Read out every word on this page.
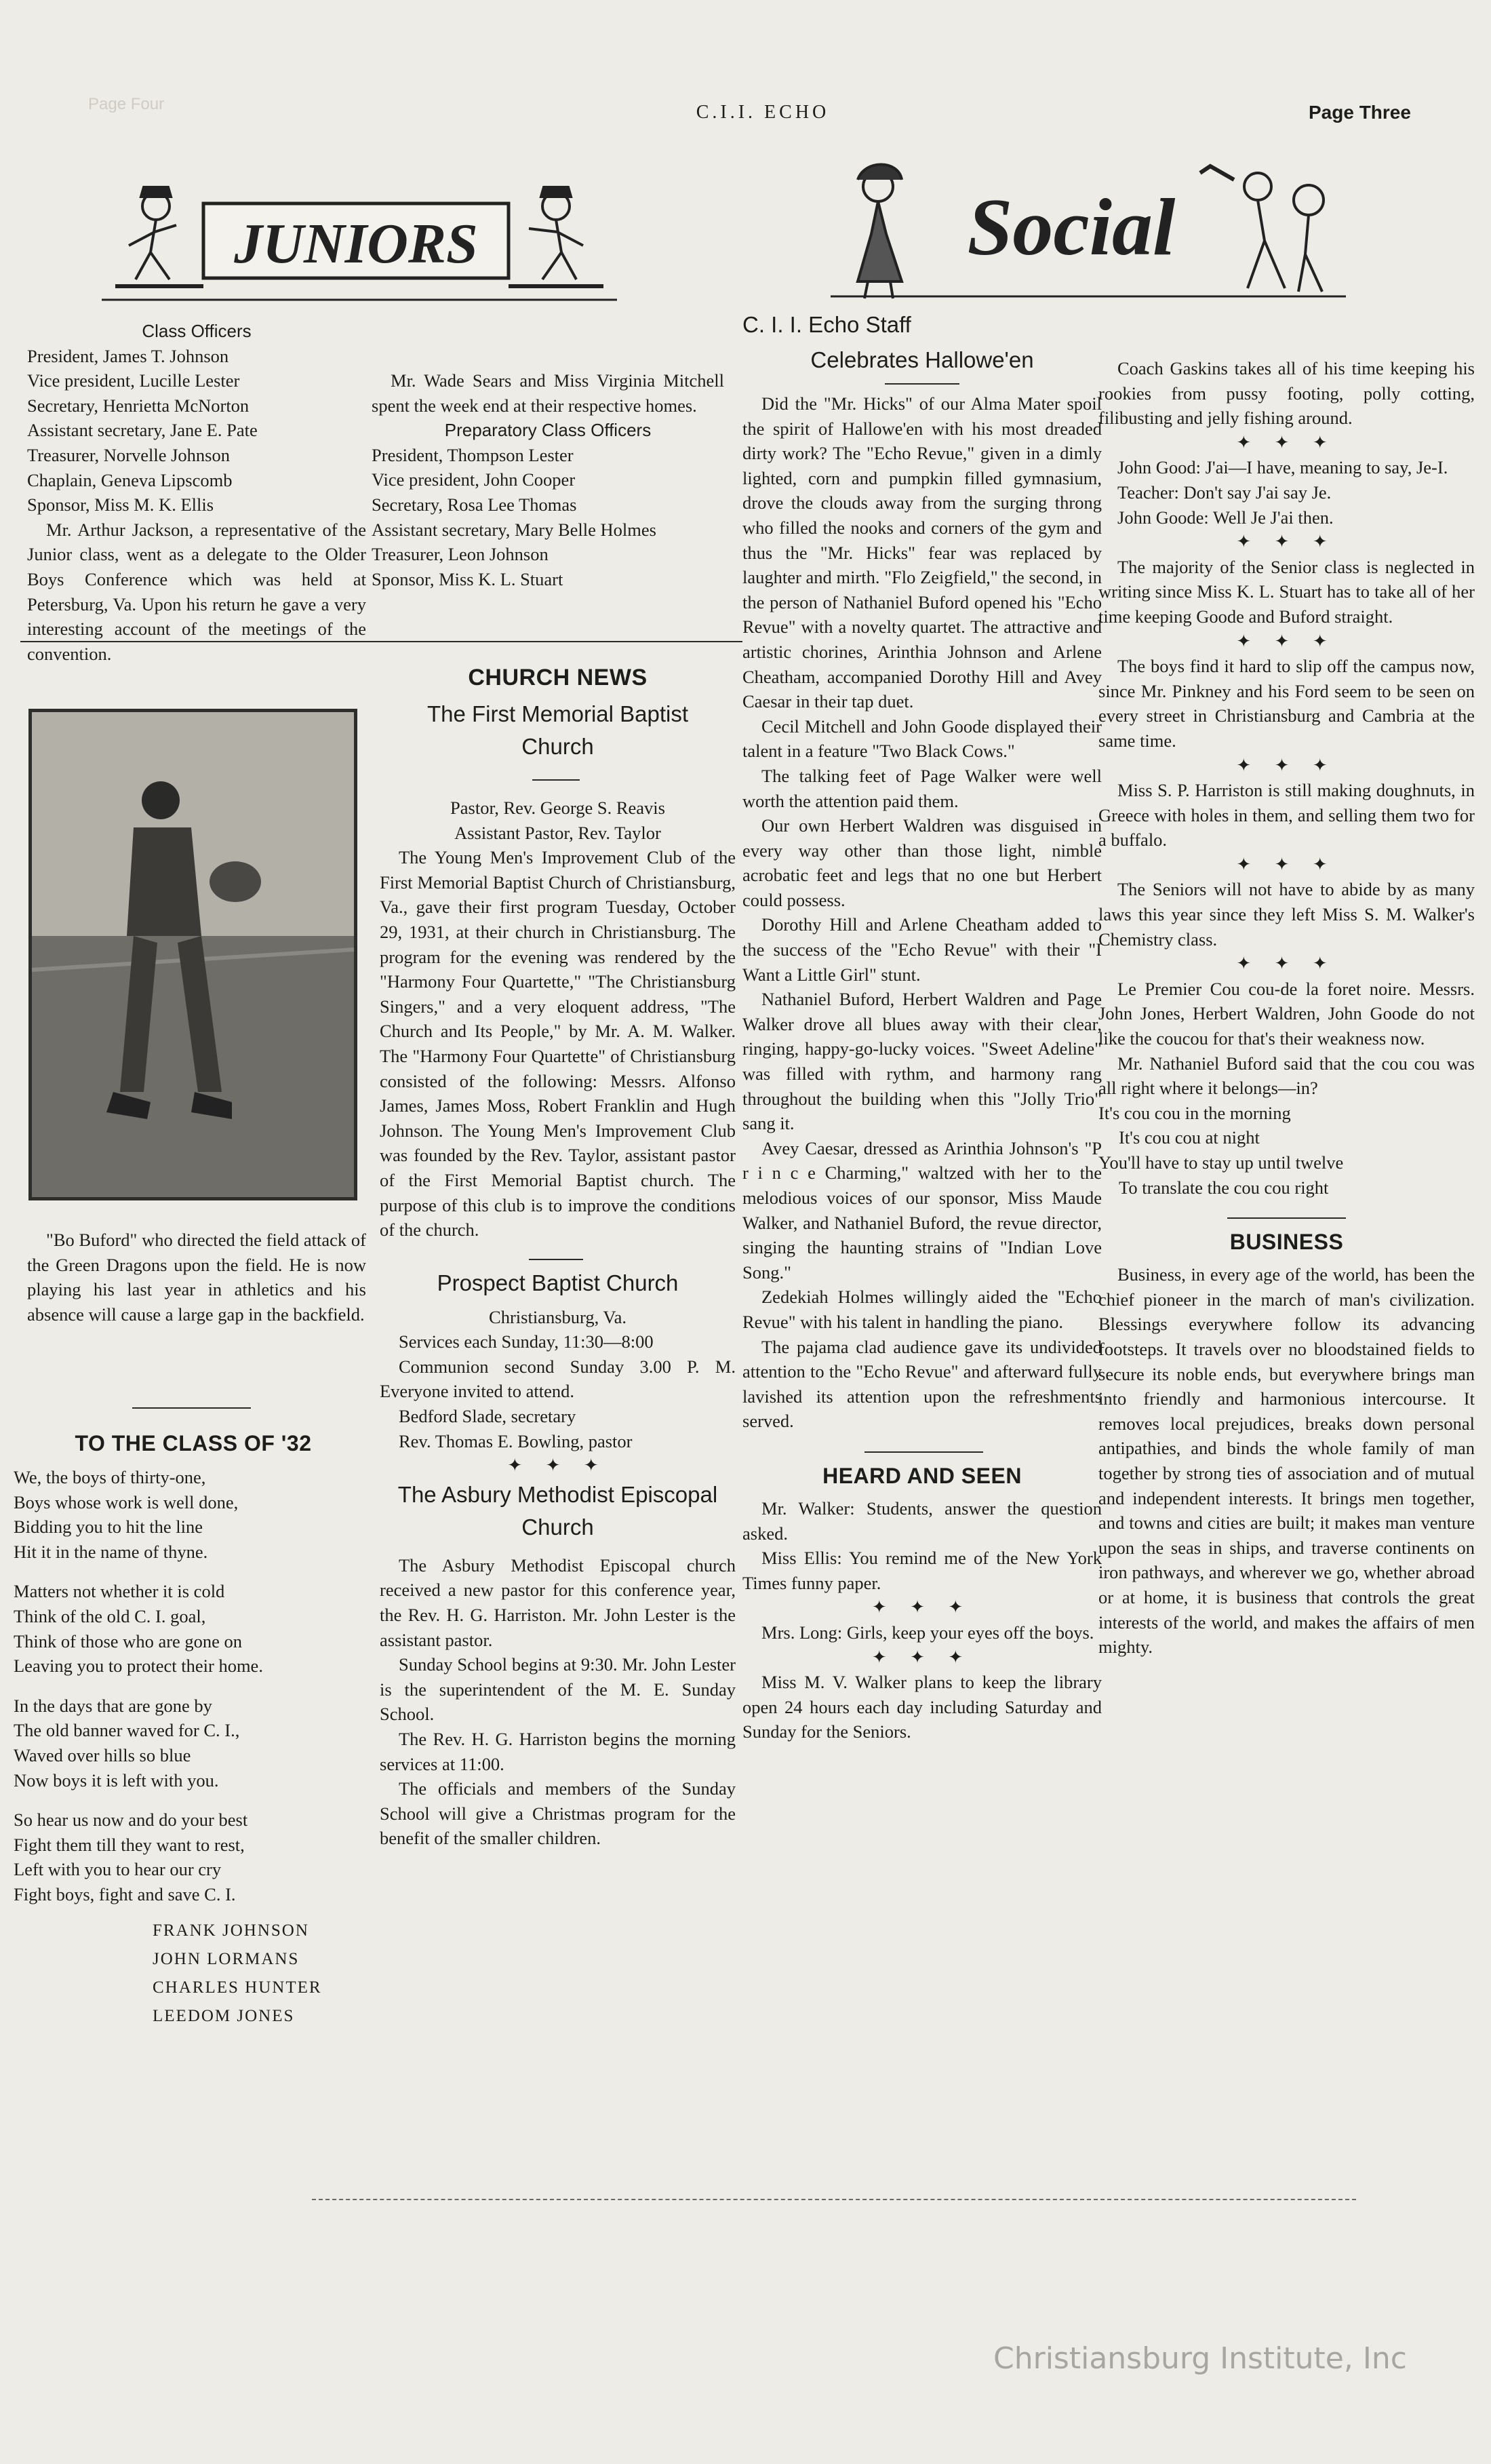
Page Four	C.I.I. ECHO	Page Three
JUNIORS	Social

Class Officers

President, James T. Johnson

Vice president, Lucille Lester

Secretary, Henrietta McNorton

Assistant secretary, Jane E. Pate

Treasurer, Norvelle Johnson

Chaplain, Geneva Lipscomb

Sponsor, Miss M. K. Ellis

Mr. Arthur Jackson, a representative of the Junior class, went as a delegate to the Older Boys Conference which was held at Petersburg, Va. Upon his return he gave a very interesting account of the meetings of the convention.

Mr. Wade Sears and Miss Virginia Mitchell spent the week end at their respective homes.

Preparatory Class Officers

President, Thompson Lester

Vice president, John Cooper

Secretary, Rosa Lee Thomas

Assistant secretary, Mary Belle Holmes

Treasurer, Leon Johnson

Sponsor, Miss K. L. Stuart

"Bo Buford" who directed the field attack of the Green Dragons upon the field. He is now playing his last year in athletics and his absence will cause a large gap in the backfield.

TO THE CLASS OF '32

We, the boys of thirty-one,

Boys whose work is well done,

Bidding you to hit the line

Hit it in the name of thyne.

Matters not whether it is cold

Think of the old C. I. goal,

Think of those who are gone on

Leaving you to protect their home.

In the days that are gone by

The old banner waved for C. I.,

Waved over hills so blue

Now boys it is left with you.

So hear us now and do your best

Fight them till they want to rest,

Left with you to hear our cry

Fight boys, fight and save C. I.

FRANK JOHNSON

JOHN LORMANS

CHARLES HUNTER

LEEDOM JONES

CHURCH NEWS
The First Memorial Baptist Church

Pastor, Rev. George S. Reavis

Assistant Pastor, Rev. Taylor

The Young Men's Improvement Club of the First Memorial Baptist Church of Christiansburg, Va., gave their first program Tuesday, October 29, 1931, at their church in Christiansburg. The program for the evening was rendered by the "Harmony Four Quartette," "The Christiansburg Singers," and a very eloquent address, "The Church and Its People," by Mr. A. M. Walker. The "Harmony Four Quartette" of Christiansburg consisted of the following: Messrs. Alfonso James, James Moss, Robert Franklin and Hugh Johnson. The Young Men's Improvement Club was founded by the Rev. Taylor, assistant pastor of the First Memorial Baptist church. The purpose of this club is to improve the conditions of the church.

Prospect Baptist Church

Christiansburg, Va.

Services each Sunday, 11:30—8:00

Communion second Sunday 3.00 P. M. Everyone invited to attend.

Bedford Slade, secretary

Rev. Thomas E. Bowling, pastor

✦ ✦ ✦

The Asbury Methodist Episcopal Church

The Asbury Methodist Episcopal church received a new pastor for this conference year, the Rev. H. G. Harriston. Mr. John Lester is the assistant pastor.

Sunday School begins at 9:30. Mr. John Lester is the superintendent of the M. E. Sunday School.

The Rev. H. G. Harriston begins the morning services at 11:00.

The officials and members of the Sunday School will give a Christmas program for the benefit of the smaller children.

C. I. I. Echo Staff
Celebrates Hallowe'en

Did the "Mr. Hicks" of our Alma Mater spoil the spirit of Hallowe'en with his most dreaded dirty work? The "Echo Revue," given in a dimly lighted, corn and pumpkin filled gymnasium, drove the clouds away from the surging throng who filled the nooks and corners of the gym and thus the "Mr. Hicks" fear was replaced by laughter and mirth. "Flo Zeigfield," the second, in the person of Nathaniel Buford opened his "Echo Revue" with a novelty quartet. The attractive and artistic chorines, Arinthia Johnson and Arlene Cheatham, accompanied Dorothy Hill and Avey Caesar in their tap duet.

Cecil Mitchell and John Goode displayed their talent in a feature "Two Black Cows."

The talking feet of Page Walker were well worth the attention paid them.

Our own Herbert Waldren was disguised in every way other than those light, nimble acrobatic feet and legs that no one but Herbert could possess.

Dorothy Hill and Arlene Cheatham added to the success of the "Echo Revue" with their "I Want a Little Girl" stunt.

Nathaniel Buford, Herbert Waldren and Page Walker drove all blues away with their clear, ringing, happy-go-lucky voices. "Sweet Adeline" was filled with rythm, and harmony rang throughout the building when this "Jolly Trio" sang it.

Avey Caesar, dressed as Arinthia Johnson's "P r i n c e Charming," waltzed with her to the melodious voices of our sponsor, Miss Maude Walker, and Nathaniel Buford, the revue director, singing the haunting strains of "Indian Love Song."

Zedekiah Holmes willingly aided the "Echo Revue" with his talent in handling the piano.

The pajama clad audience gave its undivided attention to the "Echo Revue" and afterward fully lavished its attention upon the refreshments served.

HEARD AND SEEN

Mr. Walker: Students, answer the question asked.

Miss Ellis: You remind me of the New York Times funny paper.

✦ ✦ ✦

Mrs. Long: Girls, keep your eyes off the boys.

✦ ✦ ✦

Miss M. V. Walker plans to keep the library open 24 hours each day including Saturday and Sunday for the Seniors.

Coach Gaskins takes all of his time keeping his rookies from pussy footing, polly cotting, filibusting and jelly fishing around.

✦ ✦ ✦

John Good: J'ai—I have, meaning to say, Je-I.

Teacher: Don't say J'ai say Je.

John Goode: Well Je J'ai then.

✦ ✦ ✦

The majority of the Senior class is neglected in writing since Miss K. L. Stuart has to take all of her time keeping Goode and Buford straight.

✦ ✦ ✦

The boys find it hard to slip off the campus now, since Mr. Pinkney and his Ford seem to be seen on every street in Christiansburg and Cambria at the same time.

✦ ✦ ✦

Miss S. P. Harriston is still making doughnuts, in Greece with holes in them, and selling them two for a buffalo.

✦ ✦ ✦

The Seniors will not have to abide by as many laws this year since they left Miss S. M. Walker's Chemistry class.

✦ ✦ ✦

Le Premier Cou cou-de la foret noire. Messrs. John Jones, Herbert Waldren, John Goode do not like the coucou for that's their weakness now.

Mr. Nathaniel Buford said that the cou cou was all right where it belongs—in?

It's cou cou in the morning

It's cou cou at night

You'll have to stay up until twelve

To translate the cou cou right

BUSINESS

Business, in every age of the world, has been the chief pioneer in the march of man's civilization. Blessings everywhere follow its advancing footsteps. It travels over no bloodstained fields to secure its noble ends, but everywhere brings man into friendly and harmonious intercourse. It removes local prejudices, breaks down personal antipathies, and binds the whole family of man together by strong ties of association and of mutual and independent interests. It brings men together, and towns and cities are built; it makes man venture upon the seas in ships, and traverse continents on iron pathways, and wherever we go, whether abroad or at home, it is business that controls the great interests of the world, and makes the affairs of men mighty.

Christiansburg Institute, Inc
